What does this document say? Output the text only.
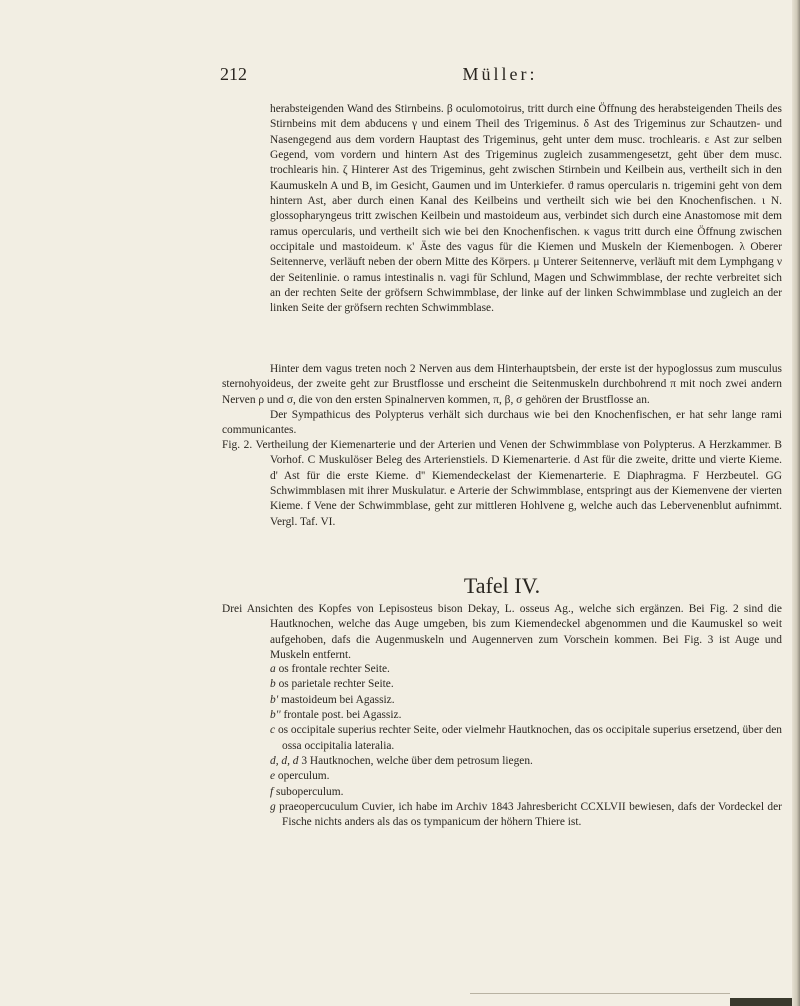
212	Müller:

herabsteigenden Wand des Stirnbeins. β oculomotoirus, tritt durch eine Öffnung des herabsteigenden Theils des Stirnbeins mit dem abducens γ und einem Theil des Trigeminus. δ Ast des Trigeminus zur Schautzen- und Nasengegend aus dem vordern Hauptast des Trigeminus, geht unter dem musc. trochlearis. ε Ast zur selben Gegend, vom vordern und hintern Ast des Trigeminus zugleich zusammengesetzt, geht über dem musc. trochlearis hin. ζ Hinterer Ast des Trigeminus, geht zwischen Stirnbein und Keilbein aus, vertheilt sich in den Kaumuskeln A und B, im Gesicht, Gaumen und im Unterkiefer. ϑ ramus opercularis n. trigemini geht von dem hintern Ast, aber durch einen Kanal des Keilbeins und vertheilt sich wie bei den Knochenfischen. ι N. glossopharyngeus tritt zwischen Keilbein und mastoideum aus, verbindet sich durch eine Anastomose mit dem ramus opercularis, und vertheilt sich wie bei den Knochenfischen. κ vagus tritt durch eine Öffnung zwischen occipitale und mastoideum. κ' Äste des vagus für die Kiemen und Muskeln der Kiemenbogen. λ Oberer Seitennerve, verläuft neben der obern Mitte des Körpers. μ Unterer Seitennerve, verläuft mit dem Lymphgang ν der Seitenlinie. ο ramus intestinalis n. vagi für Schlund, Magen und Schwimmblase, der rechte verbreitet sich an der rechten Seite der gröfsern Schwimmblase, der linke auf der linken Schwimmblase und zugleich an der linken Seite der gröfsern rechten Schwimmblase.

Hinter dem vagus treten noch 2 Nerven aus dem Hinterhauptsbein, der erste ist der hypoglossus zum musculus sternohyoideus, der zweite geht zur Brustflosse und erscheint die Seitenmuskeln durchbohrend π mit noch zwei andern Nerven ρ und σ, die von den ersten Spinalnerven kommen, π, β, σ gehören der Brustflosse an.

Der Sympathicus des Polypterus verhält sich durchaus wie bei den Knochenfischen, er hat sehr lange rami communicantes.

Fig. 2. Vertheilung der Kiemenarterie und der Arterien und Venen der Schwimmblase von Polypterus. A Herzkammer. B Vorhof. C Muskulöser Beleg des Arterienstiels. D Kiemenarterie. d Ast für die zweite, dritte und vierte Kieme. d' Ast für die erste Kieme. d'' Kiemendeckelast der Kiemenarterie. E Diaphragma. F Herzbeutel. GG Schwimmblasen mit ihrer Muskulatur. e Arterie der Schwimmblase, entspringt aus der Kiemenvene der vierten Kieme. f Vene der Schwimmblase, geht zur mittleren Hohlvene g, welche auch das Lebervenenblut aufnimmt. Vergl. Taf. VI.

Tafel IV.

Drei Ansichten des Kopfes von Lepisosteus bison Dekay, L. osseus Ag., welche sich ergänzen. Bei Fig. 2 sind die Hautknochen, welche das Auge umgeben, bis zum Kiemendeckel abgenommen und die Kaumuskel so weit aufgehoben, dafs die Augenmuskeln und Augennerven zum Vorschein kommen. Bei Fig. 3 ist Auge und Muskeln entfernt.

a os frontale rechter Seite.
b os parietale rechter Seite.
b' mastoideum bei Agassiz.
b'' frontale post. bei Agassiz.
c os occipitale superius rechter Seite, oder vielmehr Hautknochen, das os occipitale superius ersetzend, über den ossa occipitalia lateralia.
d, d, d 3 Hautknochen, welche über dem petrosum liegen.
e operculum.
f suboperculum.
g praeopercuculum Cuvier, ich habe im Archiv 1843 Jahresbericht CCXLVII bewiesen, dafs der Vordeckel der Fische nichts anders als das os tympanicum der höhern Thiere ist.
